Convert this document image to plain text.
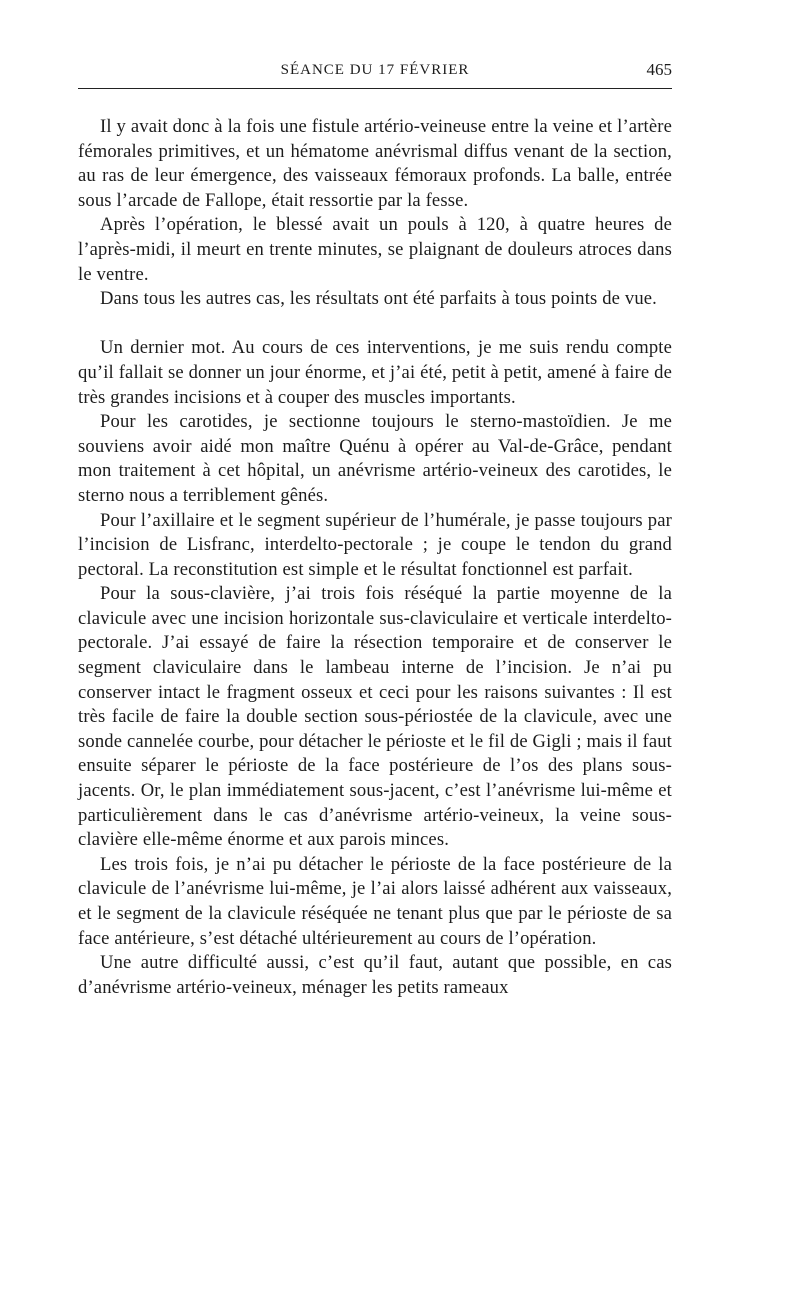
SÉANCE DU 17 FÉVRIER	465

Il y avait donc à la fois une fistule artério-veineuse entre la veine et l’artère fémorales primitives, et un hématome anévrismal diffus venant de la section, au ras de leur émergence, des vaisseaux fémoraux profonds. La balle, entrée sous l’arcade de Fallope, était ressortie par la fesse.

Après l’opération, le blessé avait un pouls à 120, à quatre heures de l’après-midi, il meurt en trente minutes, se plaignant de douleurs atroces dans le ventre.

Dans tous les autres cas, les résultats ont été parfaits à tous points de vue.

Un dernier mot. Au cours de ces interventions, je me suis rendu compte qu’il fallait se donner un jour énorme, et j’ai été, petit à petit, amené à faire de très grandes incisions et à couper des muscles importants.

Pour les carotides, je sectionne toujours le sterno-mastoïdien. Je me souviens avoir aidé mon maître Quénu à opérer au Val-de-Grâce, pendant mon traitement à cet hôpital, un anévrisme artério-veineux des carotides, le sterno nous a terriblement gênés.

Pour l’axillaire et le segment supérieur de l’humérale, je passe toujours par l’incision de Lisfranc, interdelto-pectorale ; je coupe le tendon du grand pectoral. La reconstitution est simple et le résultat fonctionnel est parfait.

Pour la sous-clavière, j’ai trois fois réséqué la partie moyenne de la clavicule avec une incision horizontale sus-claviculaire et verticale interdelto-pectorale. J’ai essayé de faire la résection temporaire et de conserver le segment claviculaire dans le lambeau interne de l’incision. Je n’ai pu conserver intact le fragment osseux et ceci pour les raisons suivantes : Il est très facile de faire la double section sous-périostée de la clavicule, avec une sonde cannelée courbe, pour détacher le périoste et le fil de Gigli ; mais il faut ensuite séparer le périoste de la face postérieure de l’os des plans sous-jacents. Or, le plan immédiatement sous-jacent, c’est l’anévrisme lui-même et particulièrement dans le cas d’anévrisme artério-veineux, la veine sous-clavière elle-même énorme et aux parois minces.

Les trois fois, je n’ai pu détacher le périoste de la face postérieure de la clavicule de l’anévrisme lui-même, je l’ai alors laissé adhérent aux vaisseaux, et le segment de la clavicule réséquée ne tenant plus que par le périoste de sa face antérieure, s’est détaché ultérieurement au cours de l’opération.

Une autre difficulté aussi, c’est qu’il faut, autant que possible, en cas d’anévrisme artério-veineux, ménager les petits rameaux
